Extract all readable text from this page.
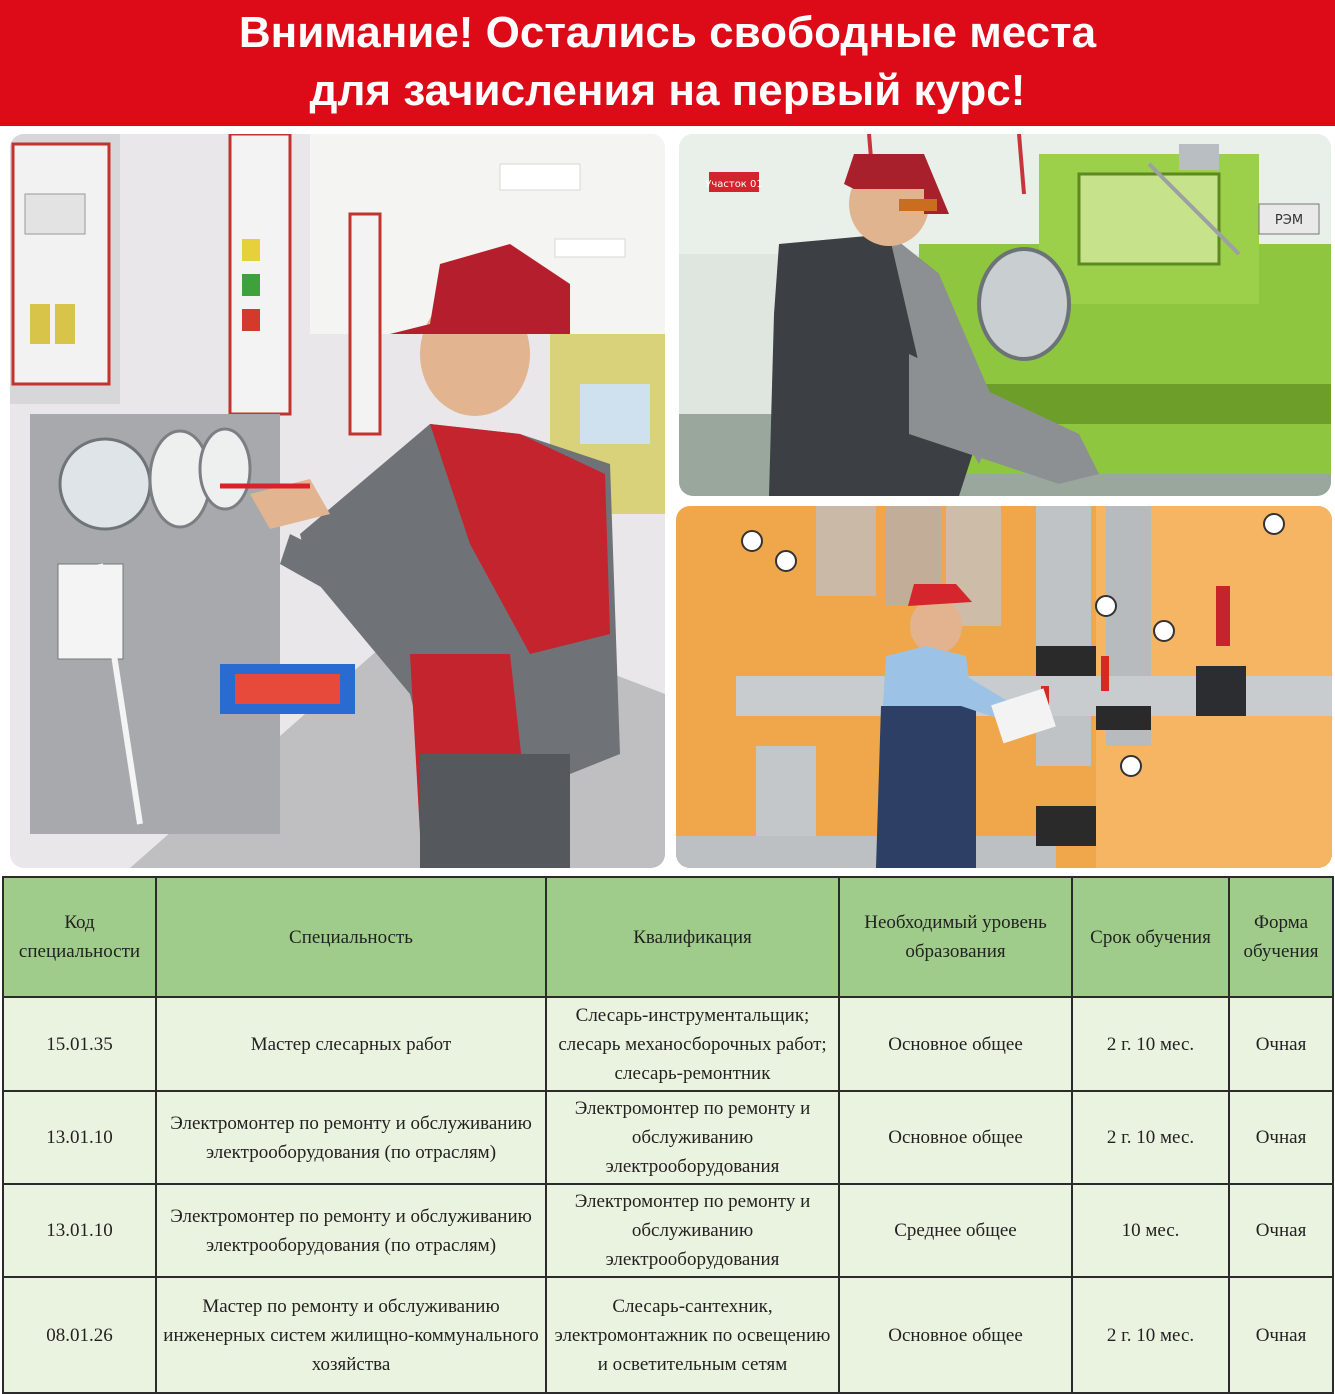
Внимание! Остались свободные места
для зачисления на первый курс!
Участок 01
РЭМ
Код специальности	Специальность	Квалификация	Необходимый уровень образования	Срок обучения	Форма обучения
15.01.35	Мастер слесарных работ	Слесарь-инструментальщик; слесарь механосборочных работ; слесарь-ремонтник	Основное общее	2 г. 10 мес.	Очная
13.01.10	Электромонтер по ремонту и обслуживанию электрооборудования (по отраслям)	Электромонтер по ремонту и обслуживанию электрооборудования	Основное общее	2 г. 10 мес.	Очная
13.01.10	Электромонтер по ремонту и обслуживанию электрооборудования (по отраслям)	Электромонтер по ремонту и обслуживанию электрооборудования	Среднее общее	10 мес.	Очная
08.01.26	Мастер по ремонту и обслуживанию инженерных систем жилищно-коммунального хозяйства	Слесарь-сантехник, электромонтажник по освещению и осветительным сетям	Основное общее	2 г. 10 мес.	Очная
